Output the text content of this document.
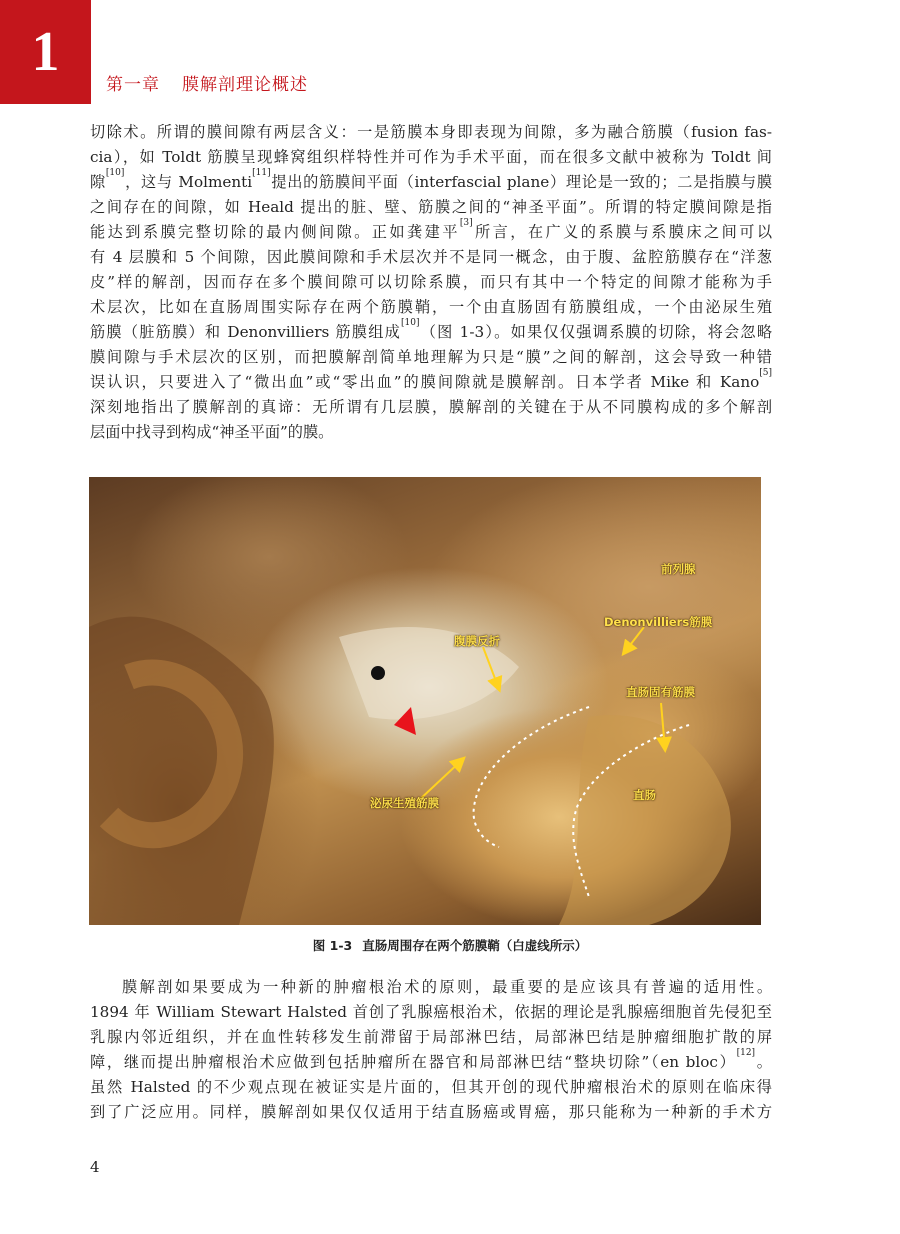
1
第一章 膜解剖理论概述
切除术。所谓的膜间隙有两层含义：一是筋膜本身即表现为间隙，多为融合筋膜（fusion fas-
cia），如 Toldt 筋膜呈现蜂窝组织样特性并可作为手术平面，而在很多文献中被称为 Toldt 间
隙[10]，这与 Molmenti[11]提出的筋膜间平面（interfascial plane）理论是一致的；二是指膜与膜
之间存在的间隙，如 Heald 提出的脏、壁、筋膜之间的“神圣平面”。所谓的特定膜间隙是指
能达到系膜完整切除的最内侧间隙。正如龚建平[3]所言，在广义的系膜与系膜床之间可以
有 4 层膜和 5 个间隙，因此膜间隙和手术层次并不是同一概念，由于腹、盆腔筋膜存在“洋葱
皮”样的解剖，因而存在多个膜间隙可以切除系膜，而只有其中一个特定的间隙才能称为手
术层次，比如在直肠周围实际存在两个筋膜鞘，一个由直肠固有筋膜组成，一个由泌尿生殖
筋膜（脏筋膜）和 Denonvilliers 筋膜组成[10]（图 1-3）。如果仅仅强调系膜的切除，将会忽略
膜间隙与手术层次的区别，而把膜解剖简单地理解为只是“膜”之间的解剖，这会导致一种错
误认识，只要进入了“微出血”或“零出血”的膜间隙就是膜解剖。日本学者 Mike 和 Kano[5]
深刻地指出了膜解剖的真谛：无所谓有几层膜，膜解剖的关键在于从不同膜构成的多个解剖
层面中找寻到构成“神圣平面”的膜。
前列腺
Denonvilliers筋膜
腹膜反折
直肠固有筋膜
泌尿生殖筋膜
直肠
图 1-3 直肠周围存在两个筋膜鞘（白虚线所示）
膜解剖如果要成为一种新的肿瘤根治术的原则，最重要的是应该具有普遍的适用性。
1894 年 William Stewart Halsted 首创了乳腺癌根治术，依据的理论是乳腺癌细胞首先侵犯至
乳腺内邻近组织，并在血性转移发生前滞留于局部淋巴结，局部淋巴结是肿瘤细胞扩散的屏
障，继而提出肿瘤根治术应做到包括肿瘤所在器官和局部淋巴结“整块切除”（en bloc）[12]。
虽然 Halsted 的不少观点现在被证实是片面的，但其开创的现代肿瘤根治术的原则在临床得
到了广泛应用。同样，膜解剖如果仅仅适用于结直肠癌或胃癌，那只能称为一种新的手术方
4
